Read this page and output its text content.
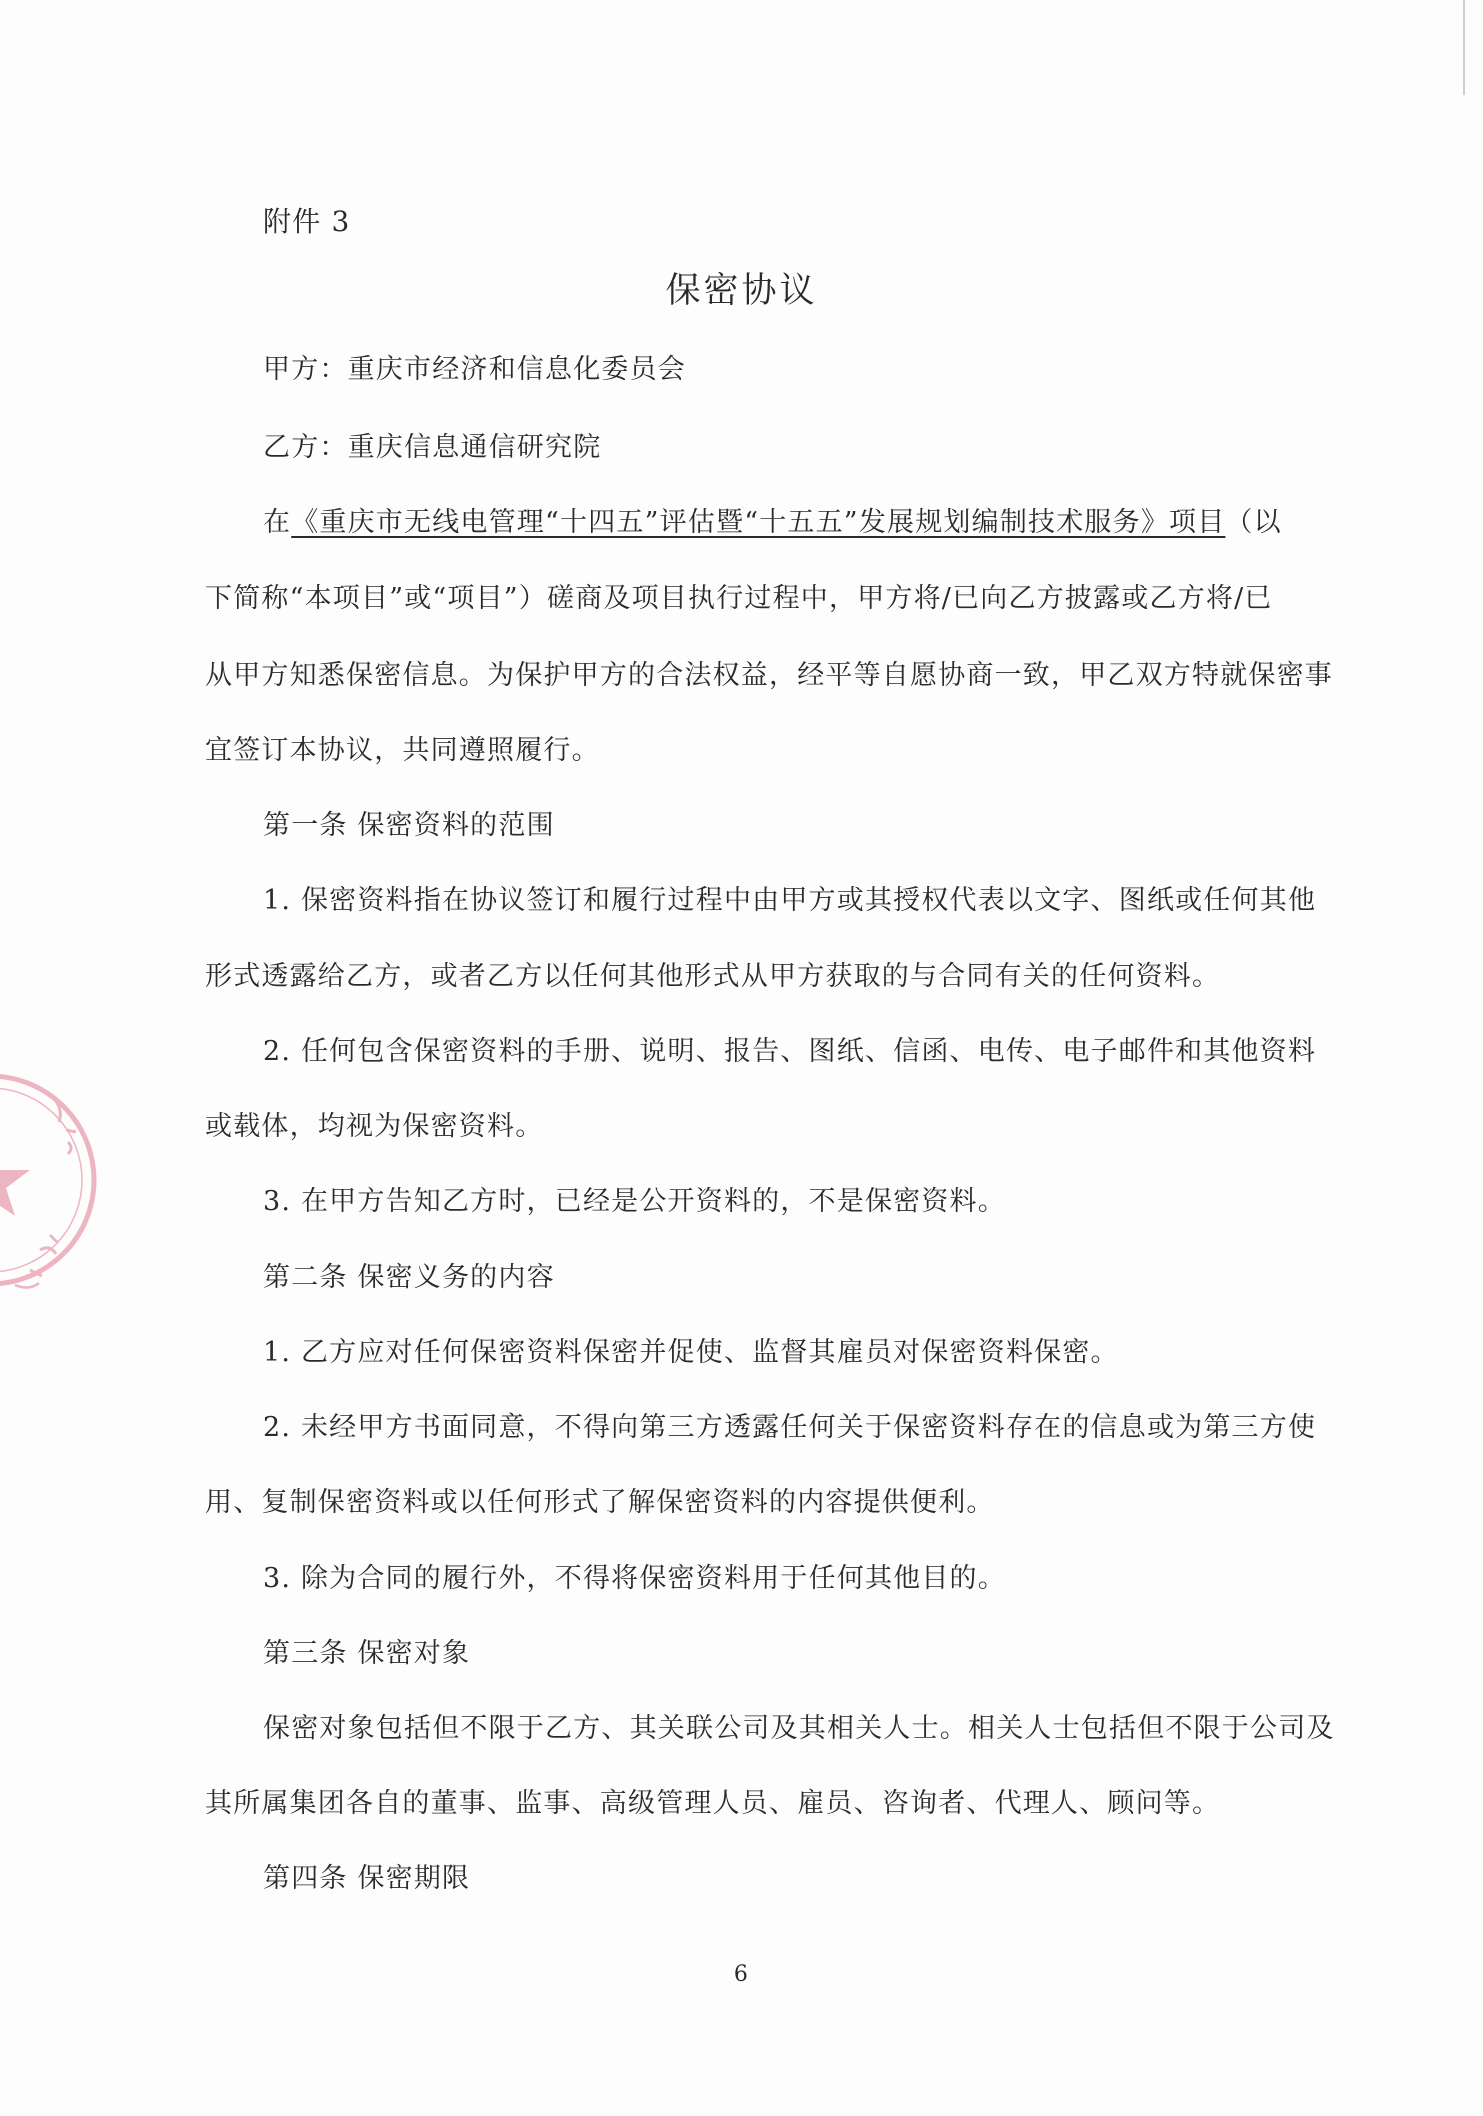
附件 3
保密协议
甲方：重庆市经济和信息化委员会
乙方：重庆信息通信研究院
在《重庆市无线电管理“十四五”评估暨“十五五”发展规划编制技术服务》项目（以
下简称“本项目”或“项目”）磋商及项目执行过程中，甲方将/已向乙方披露或乙方将/已
从甲方知悉保密信息。为保护甲方的合法权益，经平等自愿协商一致，甲乙双方特就保密事
宜签订本协议，共同遵照履行。
第一条 保密资料的范围
1. 保密资料指在协议签订和履行过程中由甲方或其授权代表以文字、图纸或任何其他
形式透露给乙方，或者乙方以任何其他形式从甲方获取的与合同有关的任何资料。
2. 任何包含保密资料的手册、说明、报告、图纸、信函、电传、电子邮件和其他资料
或载体，均视为保密资料。
3. 在甲方告知乙方时，已经是公开资料的，不是保密资料。
第二条 保密义务的内容
1. 乙方应对任何保密资料保密并促使、监督其雇员对保密资料保密。
2. 未经甲方书面同意，不得向第三方透露任何关于保密资料存在的信息或为第三方使
用、复制保密资料或以任何形式了解保密资料的内容提供便利。
3. 除为合同的履行外，不得将保密资料用于任何其他目的。
第三条 保密对象
保密对象包括但不限于乙方、其关联公司及其相关人士。相关人士包括但不限于公司及
其所属集团各自的董事、监事、高级管理人员、雇员、咨询者、代理人、顾问等。
第四条 保密期限
6
